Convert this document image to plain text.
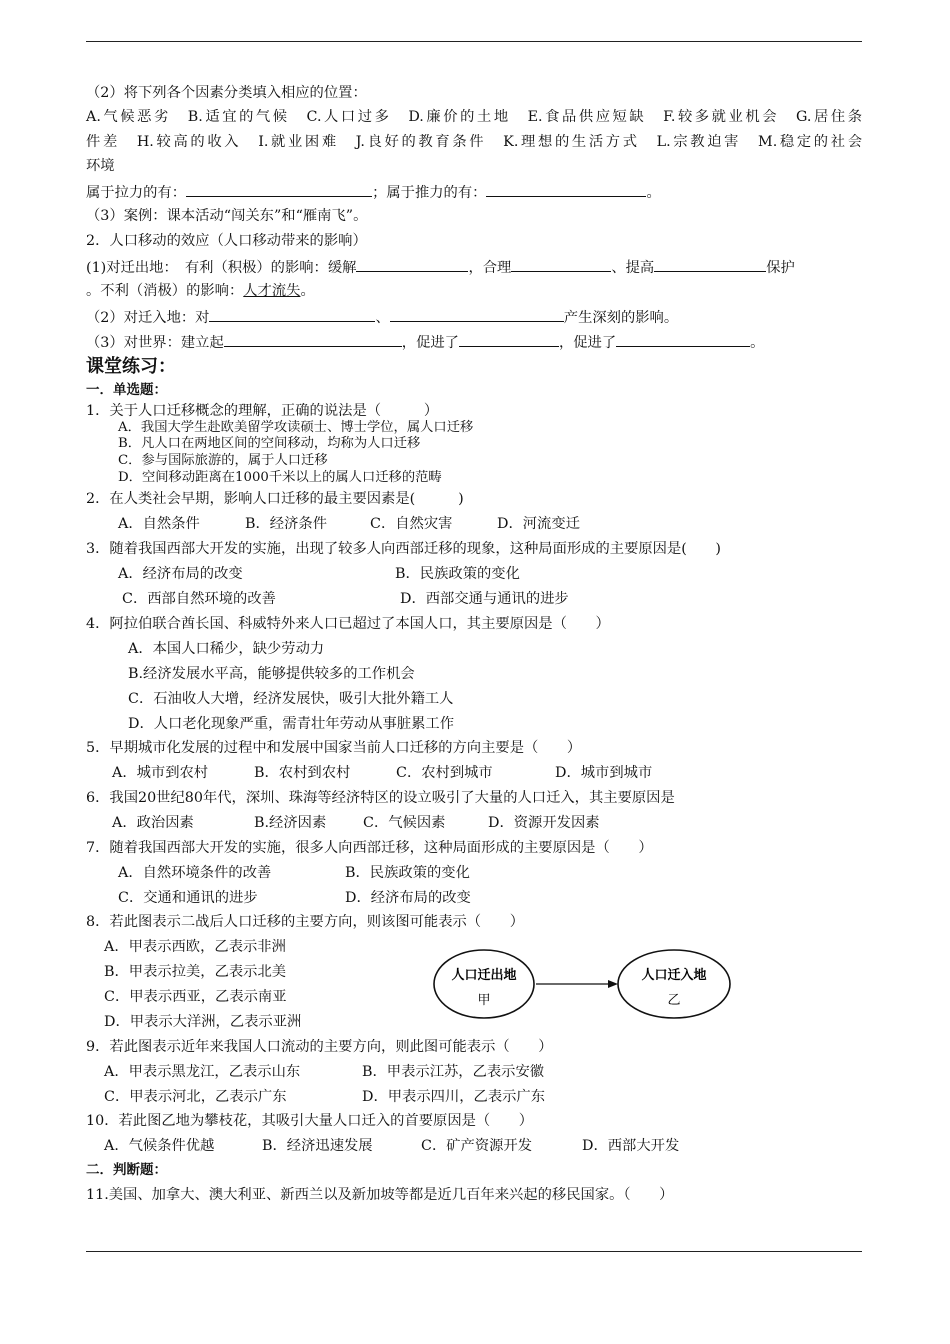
（2）将下列各个因素分类填入相应的位置：
A.气候恶劣　B.适宜的气候　C.人口过多　D.廉价的土地　E.食品供应短缺　F.较多就业机会　G.居住条
件差　H.较高的收入　I.就业困难　J.良好的教育条件　K.理想的生活方式　L.宗教迫害　M.稳定的社会
环境
属于拉力的有：	；属于推力的有：	。
（3）案例：课本活动“闯关东”和“雁南飞”。
2．人口移动的效应（人口移动带来的影响）
(1)对迁出地：　有利（积极）的影响：缓解	，合理	、提高	保护
。不利（消极）的影响：人才流失。
（2）对迁入地：对	、	产生深刻的影响。
（3）对世界：建立起	，促进了	，促进了	。
课堂练习：
一．单选题：
1．关于人口迁移概念的理解，正确的说法是（　　　）
A．我国大学生赴欧美留学攻读硕士、博士学位，属人口迁移
B．凡人口在两地区间的空间移动，均称为人口迁移
C．参与国际旅游的，属于人口迁移
D．空间移动距离在1000千米以上的属人口迁移的范畴
2．在人类社会早期，影响人口迁移的最主要因素是(　　　)
A．自然条件	B．经济条件	C．自然灾害	D．河流变迁
3．随着我国西部大开发的实施，出现了较多人向西部迁移的现象，这种局面形成的主要原因是(　　)
A．经济布局的改变	B．民族政策的变化
C．西部自然环境的改善	D．西部交通与通讯的进步
4．阿拉伯联合酋长国、科威特外来人口已超过了本国人口，其主要原因是（　　）
A．本国人口稀少，缺少劳动力
B.经济发展水平高，能够提供较多的工作机会
C．石油收人大增，经济发展快，吸引大批外籍工人
D．人口老化现象严重，需青壮年劳动从事脏累工作
5．早期城市化发展的过程中和发展中国家当前人口迁移的方向主要是（　　）
A．城市到农村	B．农村到农村	C．农村到城市	D．城市到城市
6．我国20世纪80年代，深圳、珠海等经济特区的设立吸引了大量的人口迁入，其主要原因是
A．政治因素	B.经济因素	C．气候因素	D．资源开发因素
7．随着我国西部大开发的实施，很多人向西部迁移，这种局面形成的主要原因是（　　）
A．自然环境条件的改善	B．民族政策的变化
C．交通和通讯的进步	D．经济布局的改变
8．若此图表示二战后人口迁移的主要方向，则该图可能表示（　　）
A．甲表示西欧，乙表示非洲
B．甲表示拉美，乙表示北美
C．甲表示西亚，乙表示南亚
D．甲表示大洋洲，乙表示亚洲
人口迁出地
甲
人口迁入地
乙
9．若此图表示近年来我国人口流动的主要方向，则此图可能表示（　　）
A．甲表示黑龙江，乙表示山东	B．甲表示江苏，乙表示安徽
C．甲表示河北，乙表示广东	D．甲表示四川，乙表示广东
10．若此图乙地为攀枝花，其吸引大量人口迁入的首要原因是（　　）
A．气候条件优越	B．经济迅速发展	C．矿产资源开发	D．西部大开发
二．判断题：
11.美国、加拿大、澳大利亚、新西兰以及新加坡等都是近几百年来兴起的移民国家。（　　）
